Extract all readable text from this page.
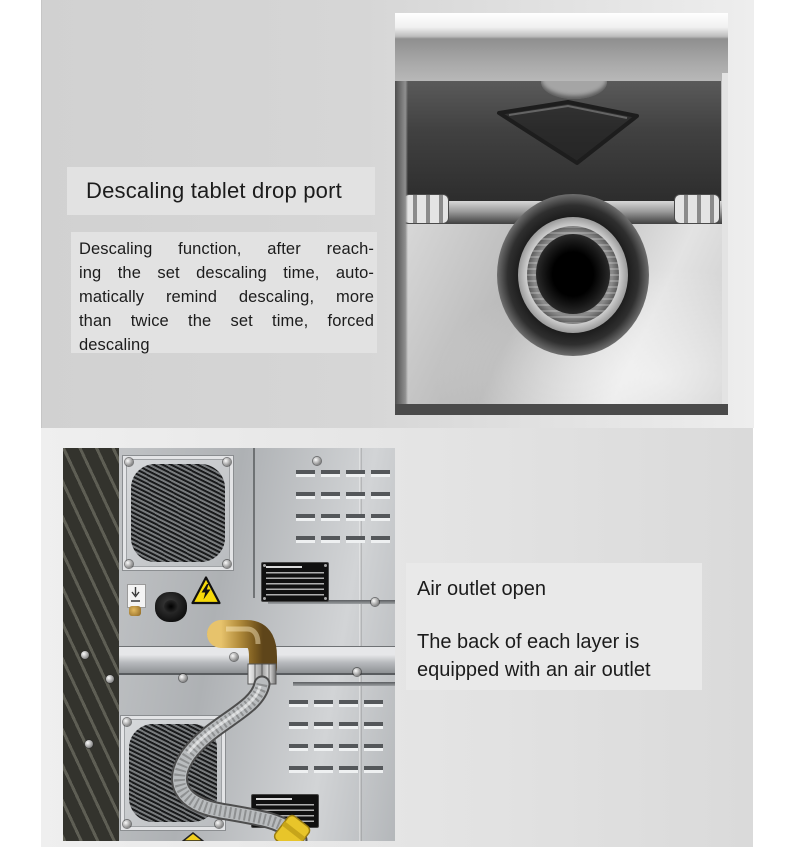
Descaling tablet drop port
Descaling function, after reach-
ing the set descaling time, auto-
matically remind descaling, more
than twice the set time, forced
descaling
Air outlet open
The back of each layer is
equipped with an air outlet
